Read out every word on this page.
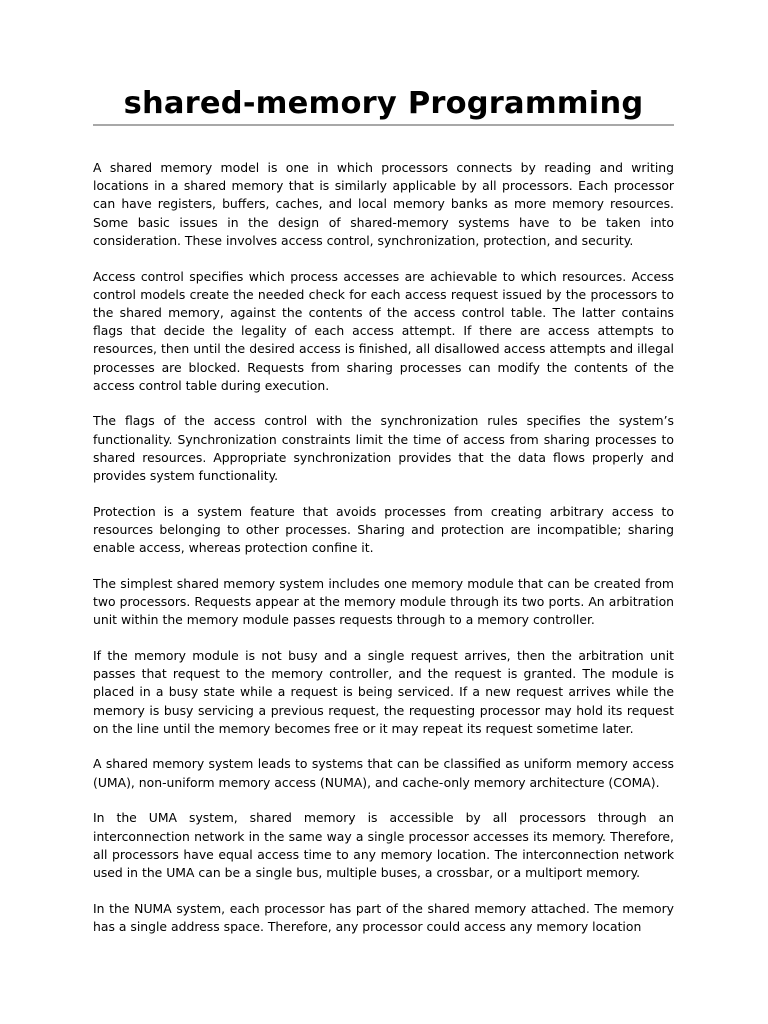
shared-memory Programming

A shared memory model is one in which processors connects by reading and writing locations in a shared memory that is similarly applicable by all processors. Each processor can have registers, buffers, caches, and local memory banks as more memory resources. Some basic issues in the design of shared-memory systems have to be taken into consideration. These involves access control, synchronization, protection, and security.

Access control specifies which process accesses are achievable to which resources. Access control models create the needed check for each access request issued by the processors to the shared memory, against the contents of the access control table. The latter contains flags that decide the legality of each access attempt. If there are access attempts to resources, then until the desired access is finished, all disallowed access attempts and illegal processes are blocked. Requests from sharing processes can modify the contents of the access control table during execution.

The flags of the access control with the synchronization rules specifies the system’s functionality. Synchronization constraints limit the time of access from sharing processes to shared resources. Appropriate synchronization provides that the data flows properly and provides system functionality.

Protection is a system feature that avoids processes from creating arbitrary access to resources belonging to other processes. Sharing and protection are incompatible; sharing enable access, whereas protection confine it.

The simplest shared memory system includes one memory module that can be created from two processors. Requests appear at the memory module through its two ports. An arbitration unit within the memory module passes requests through to a memory controller.

If the memory module is not busy and a single request arrives, then the arbitration unit passes that request to the memory controller, and the request is granted. The module is placed in a busy state while a request is being serviced. If a new request arrives while the memory is busy servicing a previous request, the requesting processor may hold its request on the line until the memory becomes free or it may repeat its request sometime later.

A shared memory system leads to systems that can be classified as uniform memory access (UMA), non-uniform memory access (NUMA), and cache-only memory architecture (COMA).

In the UMA system, shared memory is accessible by all processors through an interconnection network in the same way a single processor accesses its memory. Therefore, all processors have equal access time to any memory location. The interconnection network used in the UMA can be a single bus, multiple buses, a crossbar, or a multiport memory.

In the NUMA system, each processor has part of the shared memory attached. The memory has a single address space. Therefore, any processor could access any memory location
